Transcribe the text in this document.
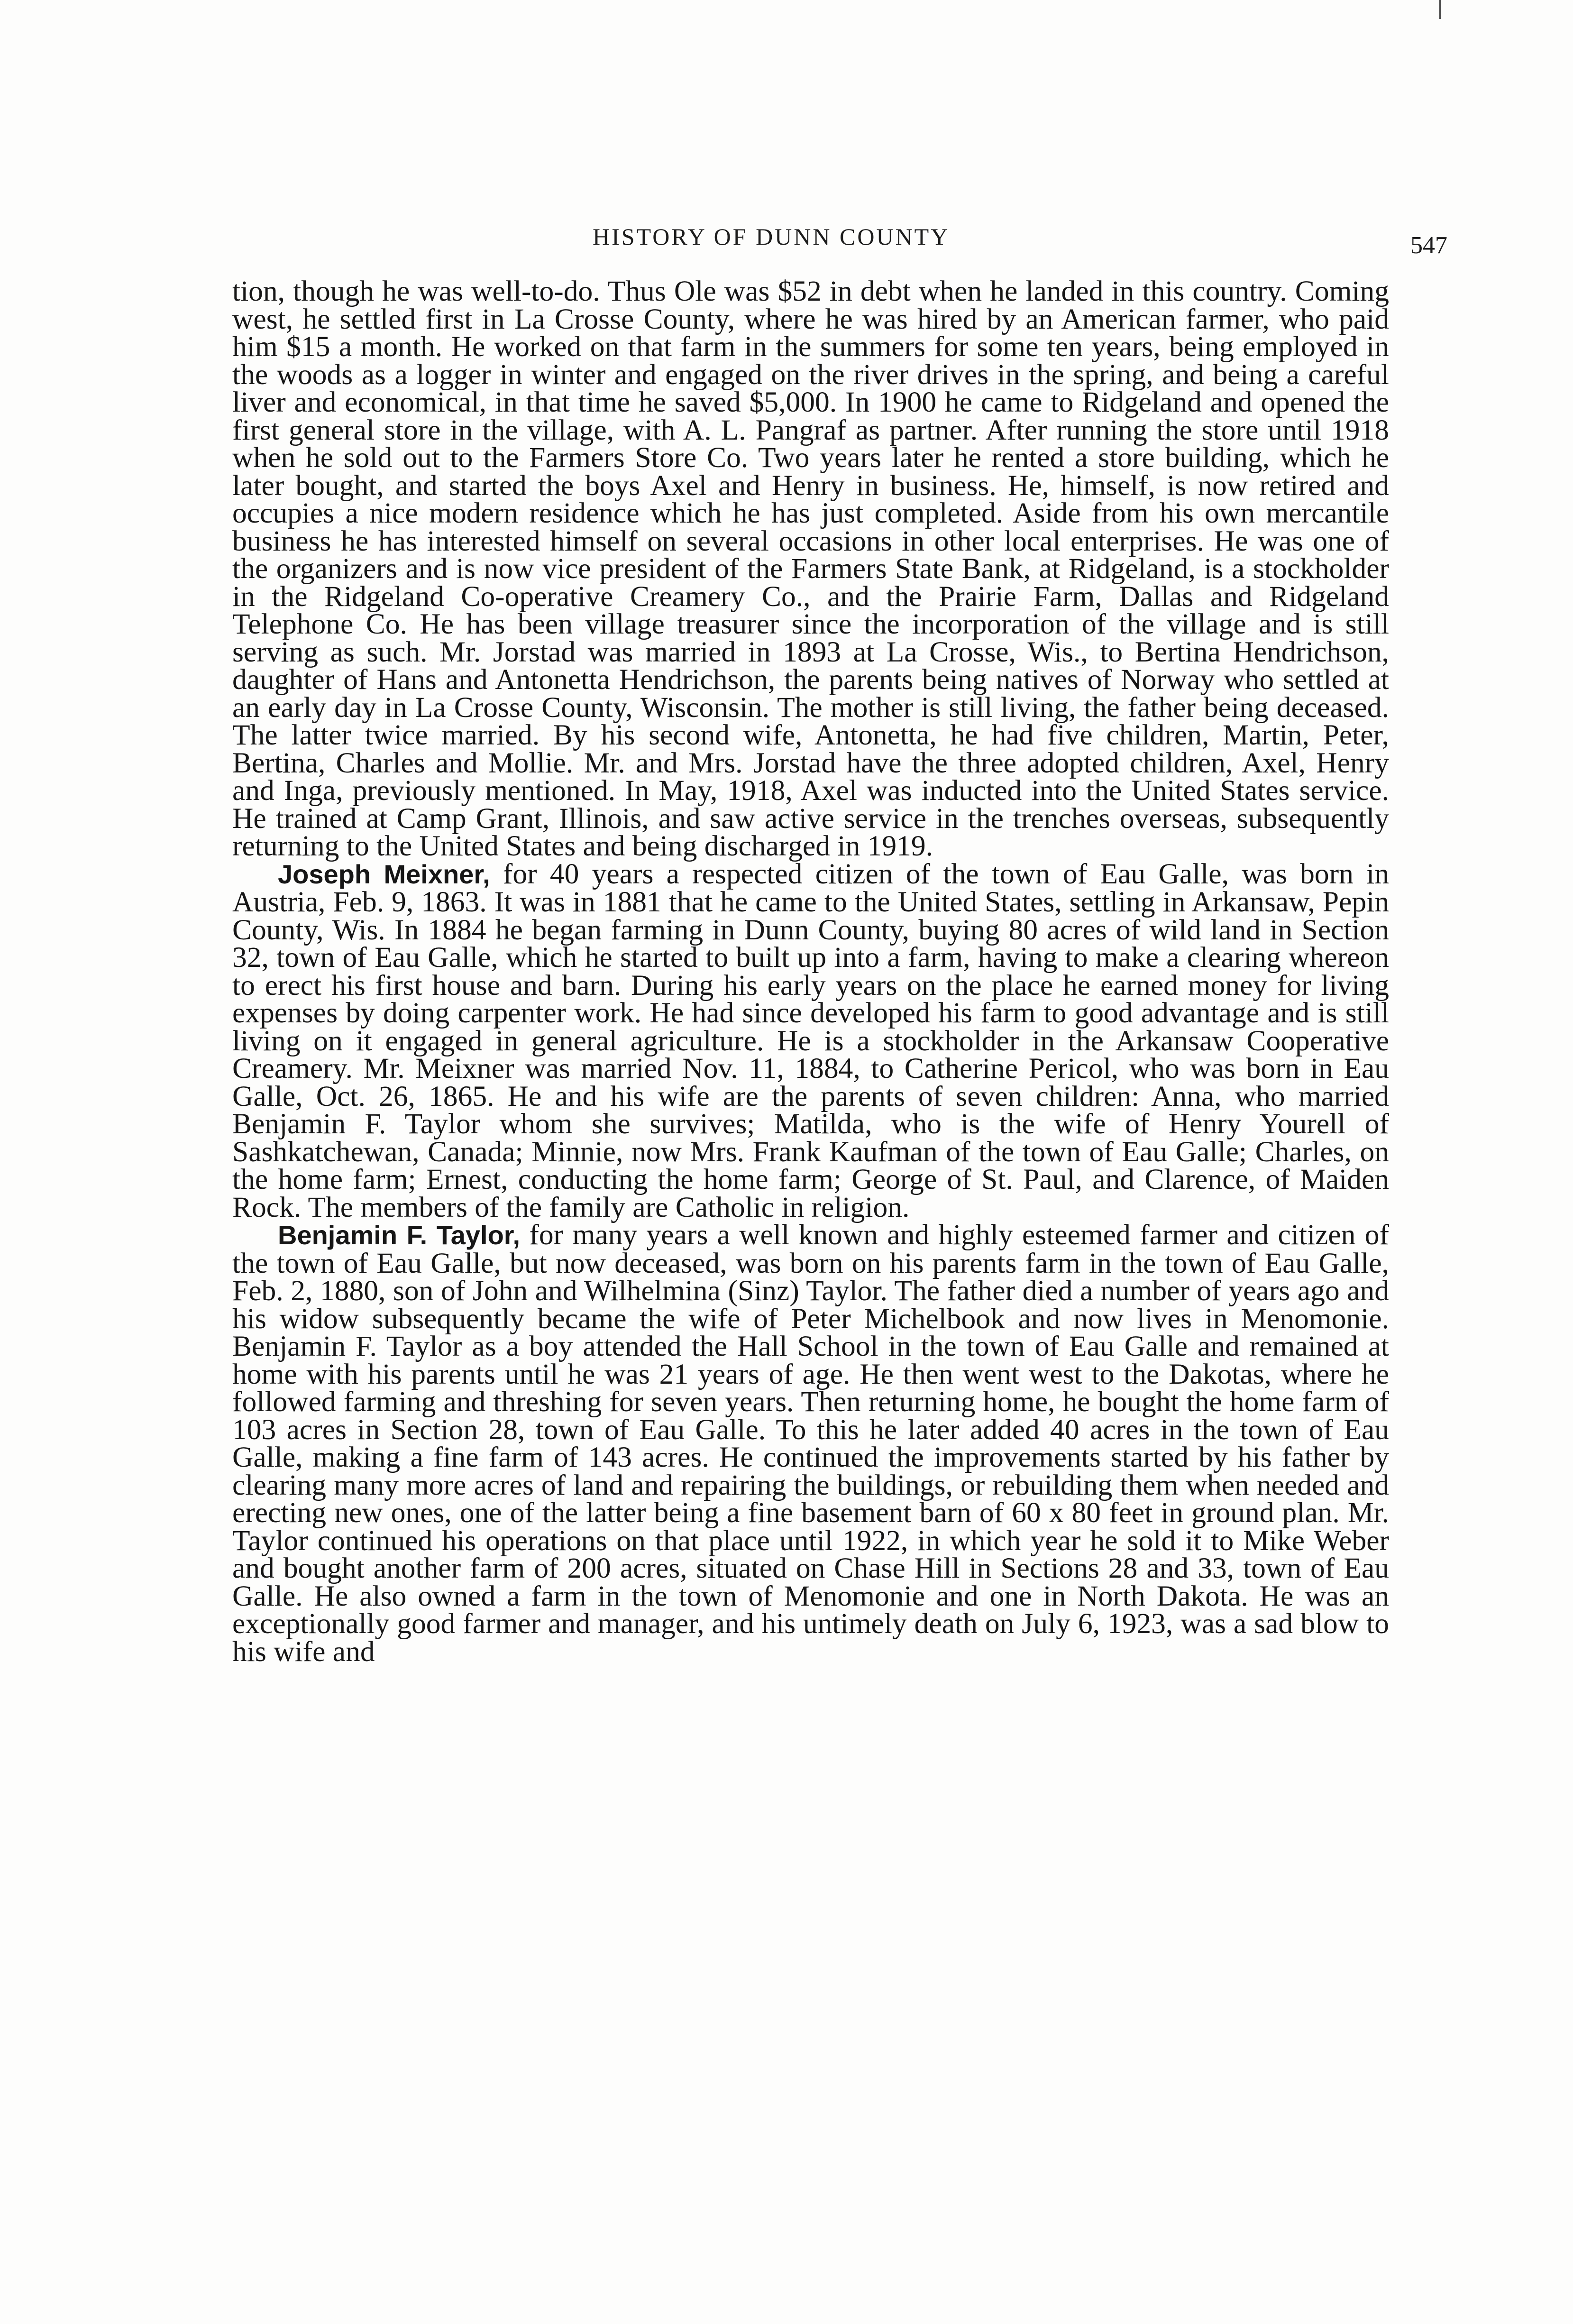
HISTORY OF DUNN COUNTY	547

tion, though he was well-to-do. Thus Ole was $52 in debt when he landed in this country. Coming west, he settled first in La Crosse County, where he was hired by an American farmer, who paid him $15 a month. He worked on that farm in the summers for some ten years, being employed in the woods as a logger in winter and engaged on the river drives in the spring, and being a careful liver and economical, in that time he saved $5,000. In 1900 he came to Ridgeland and opened the first general store in the village, with A. L. Pangraf as partner. After running the store until 1918 when he sold out to the Farmers Store Co. Two years later he rented a store building, which he later bought, and started the boys Axel and Henry in business. He, himself, is now retired and occupies a nice modern residence which he has just completed. Aside from his own mercantile business he has interested himself on several occasions in other local enterprises. He was one of the organizers and is now vice president of the Farmers State Bank, at Ridgeland, is a stockholder in the Ridgeland Co-operative Creamery Co., and the Prairie Farm, Dallas and Ridgeland Telephone Co. He has been village treasurer since the incorporation of the village and is still serving as such. Mr. Jorstad was married in 1893 at La Crosse, Wis., to Bertina Hendrichson, daughter of Hans and Antonetta Hendrichson, the parents being natives of Norway who settled at an early day in La Crosse County, Wisconsin. The mother is still living, the father being deceased. The latter twice married. By his second wife, Antonetta, he had five children, Martin, Peter, Bertina, Charles and Mollie. Mr. and Mrs. Jorstad have the three adopted children, Axel, Henry and Inga, previously mentioned. In May, 1918, Axel was inducted into the United States service. He trained at Camp Grant, Illinois, and saw active service in the trenches overseas, subsequently returning to the United States and being discharged in 1919.

Joseph Meixner, for 40 years a respected citizen of the town of Eau Galle, was born in Austria, Feb. 9, 1863. It was in 1881 that he came to the United States, settling in Arkansaw, Pepin County, Wis. In 1884 he began farming in Dunn County, buying 80 acres of wild land in Section 32, town of Eau Galle, which he started to built up into a farm, having to make a clearing whereon to erect his first house and barn. During his early years on the place he earned money for living expenses by doing carpenter work. He had since developed his farm to good advantage and is still living on it engaged in general agriculture. He is a stockholder in the Arkansaw Cooperative Creamery. Mr. Meixner was married Nov. 11, 1884, to Catherine Pericol, who was born in Eau Galle, Oct. 26, 1865. He and his wife are the parents of seven children: Anna, who married Benjamin F. Taylor whom she survives; Matilda, who is the wife of Henry Yourell of Sashkatchewan, Canada; Minnie, now Mrs. Frank Kaufman of the town of Eau Galle; Charles, on the home farm; Ernest, conducting the home farm; George of St. Paul, and Clarence, of Maiden Rock. The members of the family are Catholic in religion.

Benjamin F. Taylor, for many years a well known and highly esteemed farmer and citizen of the town of Eau Galle, but now deceased, was born on his parents farm in the town of Eau Galle, Feb. 2, 1880, son of John and Wilhelmina (Sinz) Taylor. The father died a number of years ago and his widow subsequently became the wife of Peter Michelbook and now lives in Menomonie. Benjamin F. Taylor as a boy attended the Hall School in the town of Eau Galle and remained at home with his parents until he was 21 years of age. He then went west to the Dakotas, where he followed farming and threshing for seven years. Then returning home, he bought the home farm of 103 acres in Section 28, town of Eau Galle. To this he later added 40 acres in the town of Eau Galle, making a fine farm of 143 acres. He continued the improvements started by his father by clearing many more acres of land and repairing the buildings, or rebuilding them when needed and erecting new ones, one of the latter being a fine basement barn of 60 x 80 feet in ground plan. Mr. Taylor continued his operations on that place until 1922, in which year he sold it to Mike Weber and bought another farm of 200 acres, situated on Chase Hill in Sections 28 and 33, town of Eau Galle. He also owned a farm in the town of Menomonie and one in North Dakota. He was an exceptionally good farmer and manager, and his untimely death on July 6, 1923, was a sad blow to his wife and
